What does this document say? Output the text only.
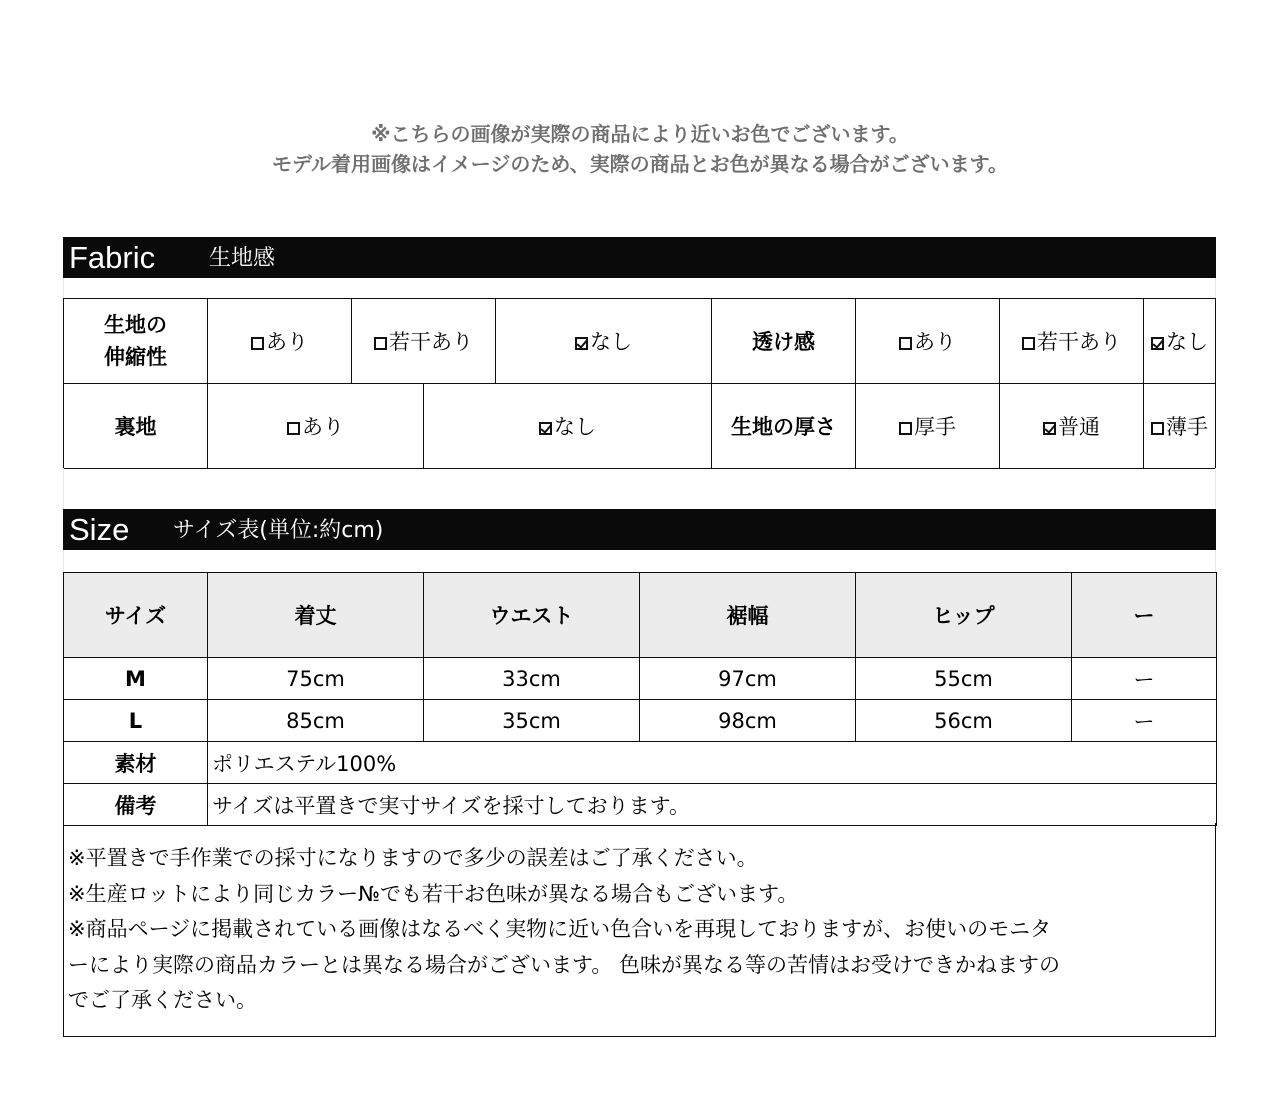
※こちらの画像が実際の商品により近いお色でございます。
モデル着用画像はイメージのため、実際の商品とお色が異なる場合がございます。
Fabric 生地感
生地の
伸縮性	あり	若干あり		なし	透け感	あり	若干あり	なし
裏地	あり		なし		生地の厚さ	厚手	普通	薄手
Size サイズ表(単位:約cm)
サイズ	着丈	ウエスト	裾幅	ヒップ	ー
M	75cm	33cm	97cm	55cm	ー
L	85cm	35cm	98cm	56cm	ー
素材	ポリエステル100%				
備考	サイズは平置きで実寸サイズを採寸しております。				
※平置きで手作業での採寸になりますので多少の誤差はご了承ください。
※生産ロットにより同じカラー№でも若干お色味が異なる場合もございます。
※商品ページに掲載されている画像はなるべく実物に近い色合いを再現しておりますが、お使いのモニタ
ーにより実際の商品カラーとは異なる場合がございます。 色味が異なる等の苦情はお受けできかねますの
でご了承ください。
